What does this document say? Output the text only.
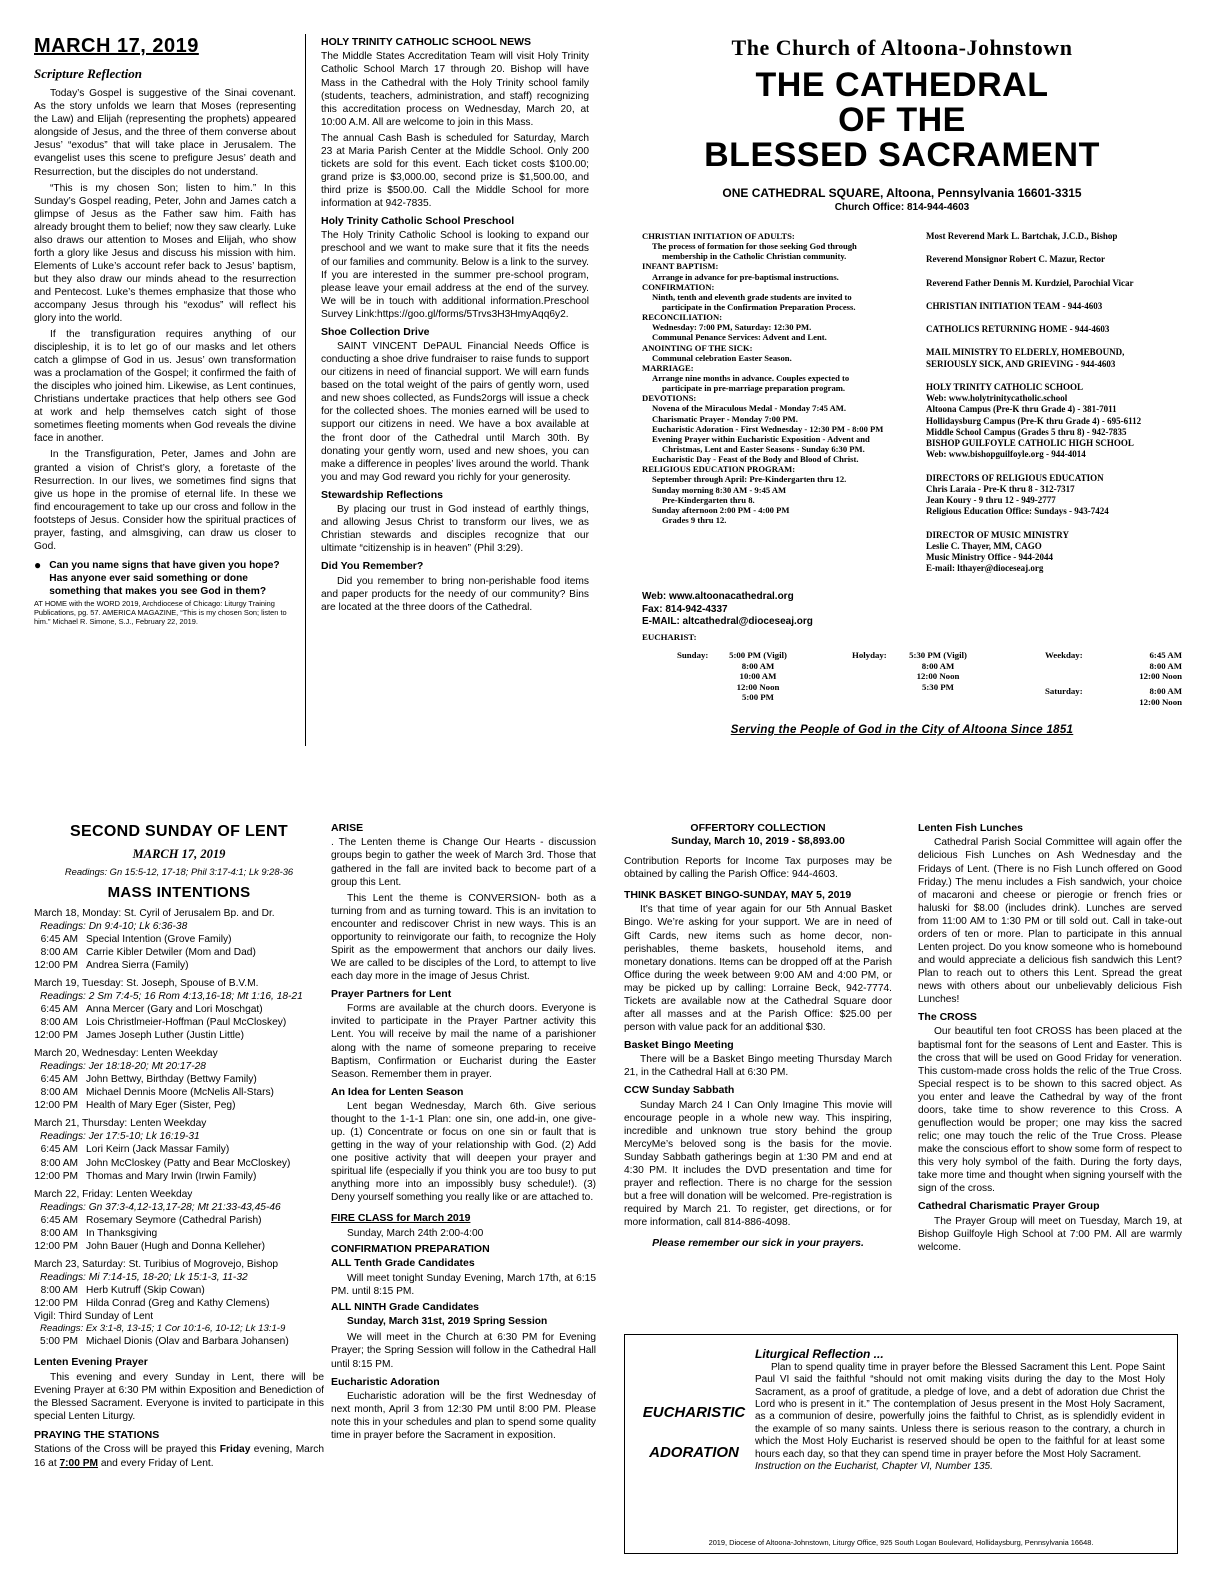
MARCH 17, 2019
Scripture Reflection

Today’s Gospel is suggestive of the Sinai covenant. As the story unfolds we learn that Moses (representing the Law) and Elijah (representing the prophets) appeared alongside of Jesus, and the three of them converse about Jesus’ “exodus” that will take place in Jerusalem. The evangelist uses this scene to prefigure Jesus’ death and Resurrection, but the disciples do not understand.

“This is my chosen Son; listen to him.” In this Sunday’s Gospel reading, Peter, John and James catch a glimpse of Jesus as the Father saw him. Faith has already brought them to belief; now they saw clearly. Luke also draws our attention to Moses and Elijah, who show forth a glory like Jesus and discuss his mission with him. Elements of Luke’s account refer back to Jesus’ baptism, but they also draw our minds ahead to the resurrection and Pentecost. Luke’s themes emphasize that those who accompany Jesus through his “exodus” will reflect his glory into the world.

If the transfiguration requires anything of our discipleship, it is to let go of our masks and let others catch a glimpse of God in us. Jesus’ own transformation was a proclamation of the Gospel; it confirmed the faith of the disciples who joined him. Likewise, as Lent continues, Christians undertake practices that help others see God at work and help themselves catch sight of those sometimes fleeting moments when God reveals the divine face in another.

In the Transfiguration, Peter, James and John are granted a vision of Christ’s glory, a foretaste of the Resurrection. In our lives, we sometimes find signs that give us hope in the promise of eternal life. In these we find encouragement to take up our cross and follow in the footsteps of Jesus. Consider how the spiritual practices of prayer, fasting, and almsgiving, can draw us closer to God.

● Can you name signs that have given you hope? Has anyone ever said something or done something that makes you see God in them?
AT HOME with the WORD 2019, Archdiocese of Chicago: Liturgy Training Publications, pg. 57. AMERICA MAGAZINE, “This is my chosen Son; listen to him.” Michael R. Simone, S.J., February 22, 2019.
HOLY TRINITY CATHOLIC SCHOOL NEWS

The Middle States Accreditation Team will visit Holy Trinity Catholic School March 17 through 20. Bishop will have Mass in the Cathedral with the Holy Trinity school family (students, teachers, administration, and staff) recognizing this accreditation process on Wednesday, March 20, at 10:00 A.M. All are welcome to join in this Mass.

The annual Cash Bash is scheduled for Saturday, March 23 at Maria Parish Center at the Middle School. Only 200 tickets are sold for this event. Each ticket costs $100.00; grand prize is $3,000.00, second prize is $1,500.00, and third prize is $500.00. Call the Middle School for more information at 942-7835.

Holy Trinity Catholic School Preschool

The Holy Trinity Catholic School is looking to expand our preschool and we want to make sure that it fits the needs of our families and community. Below is a link to the survey. If you are interested in the summer pre-school program, please leave your email address at the end of the survey. We will be in touch with additional information.Preschool Survey Link:https://goo.gl/forms/5Trvs3H3HmyAqq6y2.

Shoe Collection Drive

SAINT VINCENT DePAUL Financial Needs Office is conducting a shoe drive fundraiser to raise funds to support our citizens in need of financial support. We will earn funds based on the total weight of the pairs of gently worn, used and new shoes collected, as Funds2orgs will issue a check for the collected shoes. The monies earned will be used to support our citizens in need. We have a box available at the front door of the Cathedral until March 30th. By donating your gently worn, used and new shoes, you can make a difference in peoples’ lives around the world. Thank you and may God reward you richly for your generosity.

Stewardship Reflections

By placing our trust in God instead of earthly things, and allowing Jesus Christ to transform our lives, we as Christian stewards and disciples recognize that our ultimate “citizenship is in heaven” (Phil 3:29).

Did You Remember?

Did you remember to bring non-perishable food items and paper products for the needy of our community? Bins are located at the three doors of the Cathedral.

The Church of Altoona-Johnstown
THE CATHEDRAL
OF THE
BLESSED SACRAMENT
ONE CATHEDRAL SQUARE, Altoona, Pennsylvania 16601-3315
Church Office: 814-944-4603
CHRISTIAN INITIATION OF ADULTS:
The process of formation for those seeking God through
membership in the Catholic Christian community.
INFANT BAPTISM:
Arrange in advance for pre-baptismal instructions.
CONFIRMATION:
Ninth, tenth and eleventh grade students are invited to
participate in the Confirmation Preparation Process.
RECONCILIATION:
Wednesday: 7:00 PM, Saturday: 12:30 PM.
Communal Penance Services: Advent and Lent.
ANOINTING OF THE SICK:
Communal celebration Easter Season.
MARRIAGE:
Arrange nine months in advance. Couples expected to
participate in pre-marriage preparation program.
DEVOTIONS:
Novena of the Miraculous Medal - Monday 7:45 AM.
Charismatic Prayer - Monday 7:00 PM.
Eucharistic Adoration - First Wednesday - 12:30 PM - 8:00 PM
Evening Prayer within Eucharistic Exposition - Advent and
Christmas, Lent and Easter Seasons - Sunday 6:30 PM.
Eucharistic Day - Feast of the Body and Blood of Christ.
RELIGIOUS EDUCATION PROGRAM:
September through April: Pre-Kindergarten thru 12.
Sunday morning 8:30 AM - 9:45 AM
Pre-Kindergarten thru 8.
Sunday afternoon 2:00 PM - 4:00 PM
Grades 9 thru 12.
Most Reverend Mark L. Bartchak, J.C.D., Bishop
Reverend Monsignor Robert C. Mazur, Rector
Reverend Father Dennis M. Kurdziel, Parochial Vicar
CHRISTIAN INITIATION TEAM - 944-4603
CATHOLICS RETURNING HOME - 944-4603
MAIL MINISTRY TO ELDERLY, HOMEBOUND,
SERIOUSLY SICK, AND GRIEVING - 944-4603
HOLY TRINITY CATHOLIC SCHOOL
Web: www.holytrinitycatholic.school
Altoona Campus (Pre-K thru Grade 4) - 381-7011
Hollidaysburg Campus (Pre-K thru Grade 4) - 695-6112
Middle School Campus (Grades 5 thru 8) - 942-7835
BISHOP GUILFOYLE CATHOLIC HIGH SCHOOL
Web: www.bishopguilfoyle.org - 944-4014
DIRECTORS OF RELIGIOUS EDUCATION
Chris Laraia - Pre-K thru 8 - 312-7317
Jean Koury - 9 thru 12 - 949-2777
Religious Education Office: Sundays - 943-7424
DIRECTOR OF MUSIC MINISTRY
Leslie C. Thayer, MM, CAGO
Music Ministry Office - 944-2044
E-mail: lthayer@dioceseaj.org
Web: www.altoonacathedral.org
Fax: 814-942-4337
E-MAIL: altcathedral@dioceseaj.org
EUCHARIST:
Sunday:	5:00 PM (Vigil)
8:00 AM
10:00 AM
12:00 Noon
5:00 PM
Holyday:	5:30 PM (Vigil)
8:00 AM
12:00 Noon
5:30 PM
Weekday:	6:45 AM
8:00 AM
12:00 Noon
Saturday:	8:00 AM
12:00 Noon
Serving the People of God in the City of Altoona Since 1851
SECOND SUNDAY OF LENT
MARCH 17, 2019
Readings: Gn 15:5-12, 17-18; Phil 3:17-4:1; Lk 9:28-36
MASS INTENTIONS
March 18, Monday: St. Cyril of Jerusalem Bp. and Dr.
Readings: Dn 9:4-10; Lk 6:36-38
6:45 AM Special Intention (Grove Family)
8:00 AM Carrie Kibler Detwiler (Mom and Dad)
12:00 PM Andrea Sierra (Family)
March 19, Tuesday: St. Joseph, Spouse of B.V.M.
Readings: 2 Sm 7:4-5; 16 Rom 4:13,16-18; Mt 1:16, 18-21
6:45 AM Anna Mercer (Gary and Lori Moschgat)
8:00 AM Lois Christlmeier-Hoffman (Paul McCloskey)
12:00 PM James Joseph Luther (Justin Little)
March 20, Wednesday: Lenten Weekday
Readings: Jer 18:18-20; Mt 20:17-28
6:45 AM John Bettwy, Birthday (Bettwy Family)
8:00 AM Michael Dennis Moore (McNelis All-Stars)
12:00 PM Health of Mary Eger (Sister, Peg)
March 21, Thursday: Lenten Weekday
Readings: Jer 17:5-10; Lk 16:19-31
6:45 AM Lori Keirn (Jack Massar Family)
8:00 AM John McCloskey (Patty and Bear McCloskey)
12:00 PM Thomas and Mary Irwin (Irwin Family)
March 22, Friday: Lenten Weekday
Readings: Gn 37:3-4,12-13,17-28; Mt 21:33-43,45-46
6:45 AM Rosemary Seymore (Cathedral Parish)
8:00 AM In Thanksgiving
12:00 PM John Bauer (Hugh and Donna Kelleher)
March 23, Saturday: St. Turibius of Mogrovejo, Bishop
Readings: Mi 7:14-15, 18-20; Lk 15:1-3, 11-32
8:00 AM Herb Kutruff (Skip Cowan)
12:00 PM Hilda Conrad (Greg and Kathy Clemens)
Vigil: Third Sunday of Lent
Readings: Ex 3:1-8, 13-15; 1 Cor 10:1-6, 10-12; Lk 13:1-9
5:00 PM Michael Dionis (Olav and Barbara Johansen)
Lenten Evening Prayer

This evening and every Sunday in Lent, there will be Evening Prayer at 6:30 PM within Exposition and Benediction of the Blessed Sacrament. Everyone is invited to participate in this special Lenten Liturgy.

PRAYING THE STATIONS

Stations of the Cross will be prayed this Friday evening, March 16 at 7:00 PM and every Friday of Lent.

ARISE

. The Lenten theme is Change Our Hearts - discussion groups begin to gather the week of March 3rd. Those that gathered in the fall are invited back to become part of a group this Lent.

This Lent the theme is CONVERSION- both as a turning from and as turning toward. This is an invitation to encounter and rediscover Christ in new ways. This is an opportunity to reinvigorate our faith, to recognize the Holy Spirit as the empowerment that anchors our daily lives. We are called to be disciples of the Lord, to attempt to live each day more in the image of Jesus Christ.

Prayer Partners for Lent

Forms are available at the church doors. Everyone is invited to participate in the Prayer Partner activity this Lent. You will receive by mail the name of a parishioner along with the name of someone preparing to receive Baptism, Confirmation or Eucharist during the Easter Season. Remember them in prayer.

An Idea for Lenten Season

Lent began Wednesday, March 6th. Give serious thought to the 1-1-1 Plan: one sin, one add-in, one give-up. (1) Concentrate or focus on one sin or fault that is getting in the way of your relationship with God. (2) Add one positive activity that will deepen your prayer and spiritual life (especially if you think you are too busy to put anything more into an impossibly busy schedule!). (3) Deny yourself something you really like or are attached to.

FIRE CLASS for March 2019

Sunday, March 24th 2:00-4:00

CONFIRMATION PREPARATION
ALL Tenth Grade Candidates

Will meet tonight Sunday Evening, March 17th, at 6:15 PM. until 8:15 PM.

ALL NINTH Grade Candidates

Sunday, March 31st, 2019 Spring Session

We will meet in the Church at 6:30 PM for Evening Prayer; the Spring Session will follow in the Cathedral Hall until 8:15 PM.

Eucharistic Adoration

Eucharistic adoration will be the first Wednesday of next month, April 3 from 12:30 PM until 8:00 PM. Please note this in your schedules and plan to spend some quality time in prayer before the Sacrament in exposition.

OFFERTORY COLLECTION
Sunday, March 10, 2019 - $8,893.00

Contribution Reports for Income Tax purposes may be obtained by calling the Parish Office: 944-4603.

THINK BASKET BINGO-SUNDAY, MAY 5, 2019

It’s that time of year again for our 5th Annual Basket Bingo. We’re asking for your support. We are in need of Gift Cards, new items such as home decor, non-perishables, theme baskets, household items, and monetary donations. Items can be dropped off at the Parish Office during the week between 9:00 AM and 4:00 PM, or may be picked up by calling: Lorraine Beck, 942-7774. Tickets are available now at the Cathedral Square door after all masses and at the Parish Office: $25.00 per person with value pack for an additional $30.

Basket Bingo Meeting

There will be a Basket Bingo meeting Thursday March 21, in the Cathedral Hall at 6:30 PM.

CCW Sunday Sabbath

Sunday March 24 I Can Only Imagine This movie will encourage people in a whole new way. This inspiring, incredible and unknown true story behind the group MercyMe’s beloved song is the basis for the movie. Sunday Sabbath gatherings begin at 1:30 PM and end at 4:30 PM. It includes the DVD presentation and time for prayer and reflection. There is no charge for the session but a free will donation will be welcomed. Pre-registration is required by March 21. To register, get directions, or for more information, call 814-886-4098.

Please remember our sick in your prayers.
Lenten Fish Lunches

Cathedral Parish Social Committee will again offer the delicious Fish Lunches on Ash Wednesday and the Fridays of Lent. (There is no Fish Lunch offered on Good Friday.) The menu includes a Fish sandwich, your choice of macaroni and cheese or pierogie or french fries or haluski for $8.00 (includes drink). Lunches are served from 11:00 AM to 1:30 PM or till sold out. Call in take-out orders of ten or more. Plan to participate in this annual Lenten project. Do you know someone who is homebound and would appreciate a delicious fish sandwich this Lent? Plan to reach out to others this Lent. Spread the great news with others about our unbelievably delicious Fish Lunches!

The CROSS

Our beautiful ten foot CROSS has been placed at the baptismal font for the seasons of Lent and Easter. This is the cross that will be used on Good Friday for veneration. This custom-made cross holds the relic of the True Cross. Special respect is to be shown to this sacred object. As you enter and leave the Cathedral by way of the front doors, take time to show reverence to this Cross. A genuflection would be proper; one may kiss the sacred relic; one may touch the relic of the True Cross. Please make the conscious effort to show some form of respect to this very holy symbol of the faith. During the forty days, take more time and thought when signing yourself with the sign of the cross.

Cathedral Charismatic Prayer Group

The Prayer Group will meet on Tuesday, March 19, at Bishop Guilfoyle High School at 7:00 PM. All are warmly welcome.

EUCHARISTIC
ADORATION
Liturgical Reflection ...

Plan to spend quality time in prayer before the Blessed Sacrament this Lent. Pope Saint Paul VI said the faithful “should not omit making visits during the day to the Most Holy Sacrament, as a proof of gratitude, a pledge of love, and a debt of adoration due Christ the Lord who is present in it.” The contemplation of Jesus present in the Most Holy Sacrament, as a communion of desire, powerfully joins the faithful to Christ, as is splendidly evident in the example of so many saints. Unless there is serious reason to the contrary, a church in which the Most Holy Eucharist is reserved should be open to the faithful for at least some hours each day, so that they can spend time in prayer before the Most Holy Sacrament.

Instruction on the Eucharist, Chapter VI, Number 135.
2019, Diocese of Altoona-Johnstown, Liturgy Office, 925 South Logan Boulevard, Hollidaysburg, Pennsylvania 16648.
